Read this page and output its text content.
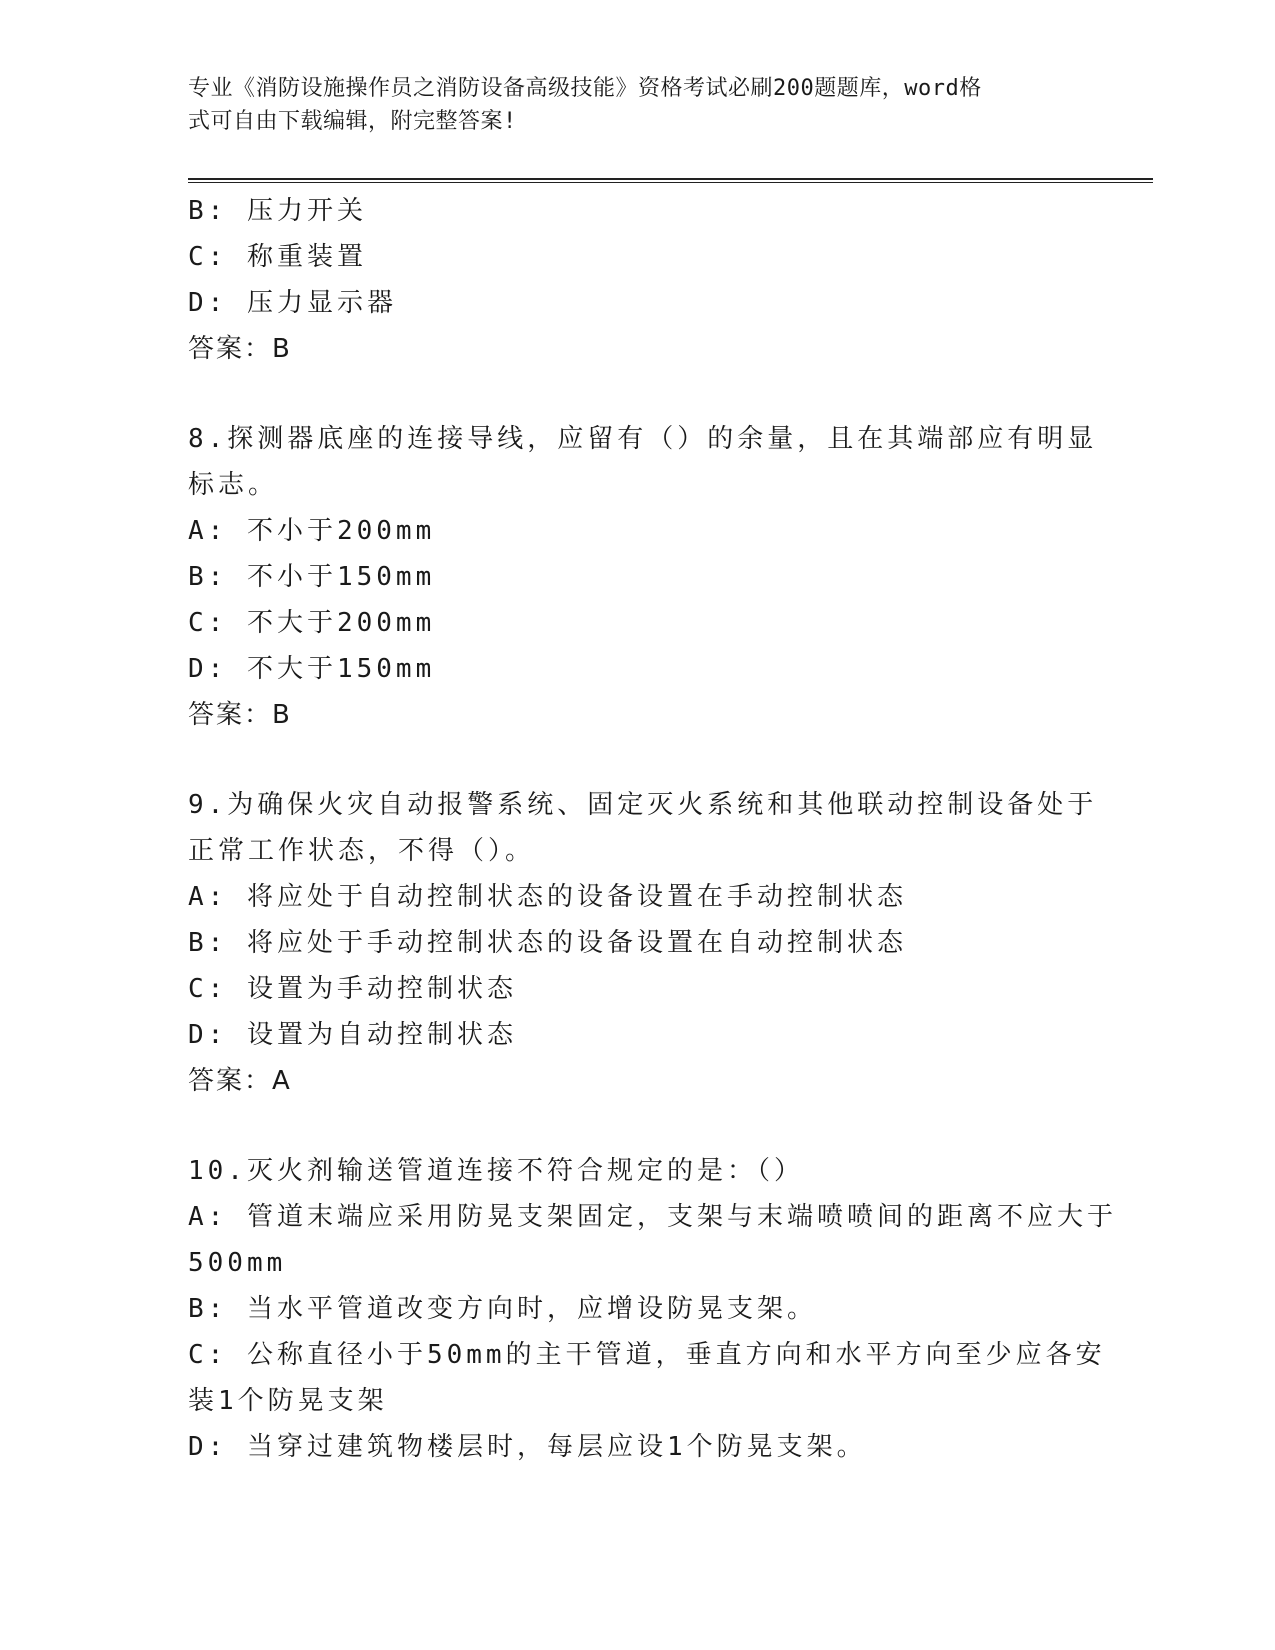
专业《消防设施操作员之消防设备高级技能》资格考试必刷200题题库，word格
式可自由下载编辑，附完整答案!
B: 压力开关
C: 称重装置
D: 压力显示器
答案：B
8.探测器底座的连接导线，应留有（）的余量，且在其端部应有明显
标志。
A: 不小于200mm
B: 不小于150mm
C: 不大于200mm
D: 不大于150mm
答案：B
9.为确保火灾自动报警系统、固定灭火系统和其他联动控制设备处于
正常工作状态，不得（）。
A: 将应处于自动控制状态的设备设置在手动控制状态
B: 将应处于手动控制状态的设备设置在自动控制状态
C: 设置为手动控制状态
D: 设置为自动控制状态
答案：A
10.灭火剂输送管道连接不符合规定的是：（）
A: 管道末端应采用防晃支架固定，支架与末端喷喷间的距离不应大于
500mm
B: 当水平管道改变方向时，应增设防晃支架。
C: 公称直径小于50mm的主干管道，垂直方向和水平方向至少应各安
装1个防晃支架
D: 当穿过建筑物楼层时，每层应设1个防晃支架。
